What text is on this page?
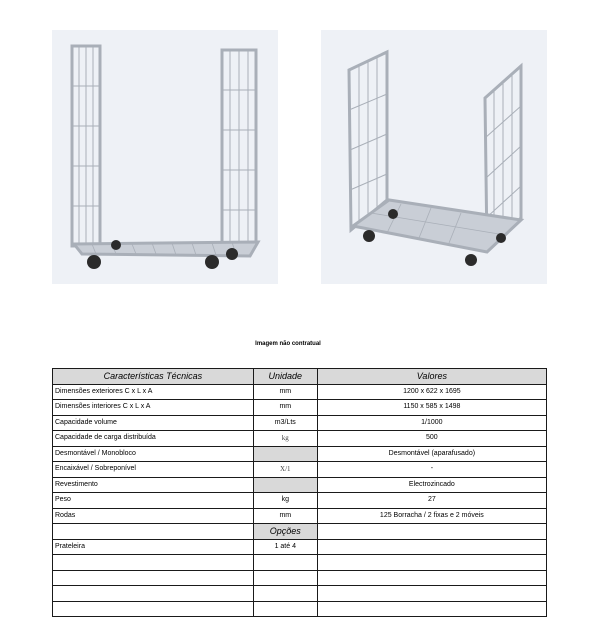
Imagem não contratual
Características Técnicas	Unidade	Valores
Dimensões exteriores C x L x A	mm	1200 x 622 x 1695
Dimensões interiores C x L x A	mm	1150 x 585 x 1498
Capacidade volume	m3/Lts	1/1000
Capacidade de carga distribuída	kg	500
Desmontável / Monobloco		Desmontável (aparafusado)
Encaixável / Sobreponível	X/1	-
Revestimento		Electrozincado
Peso	kg	27
Rodas	mm	125 Borracha / 2 fixas e 2 móveis
	Opções	
Prateleira	1 até 4	
